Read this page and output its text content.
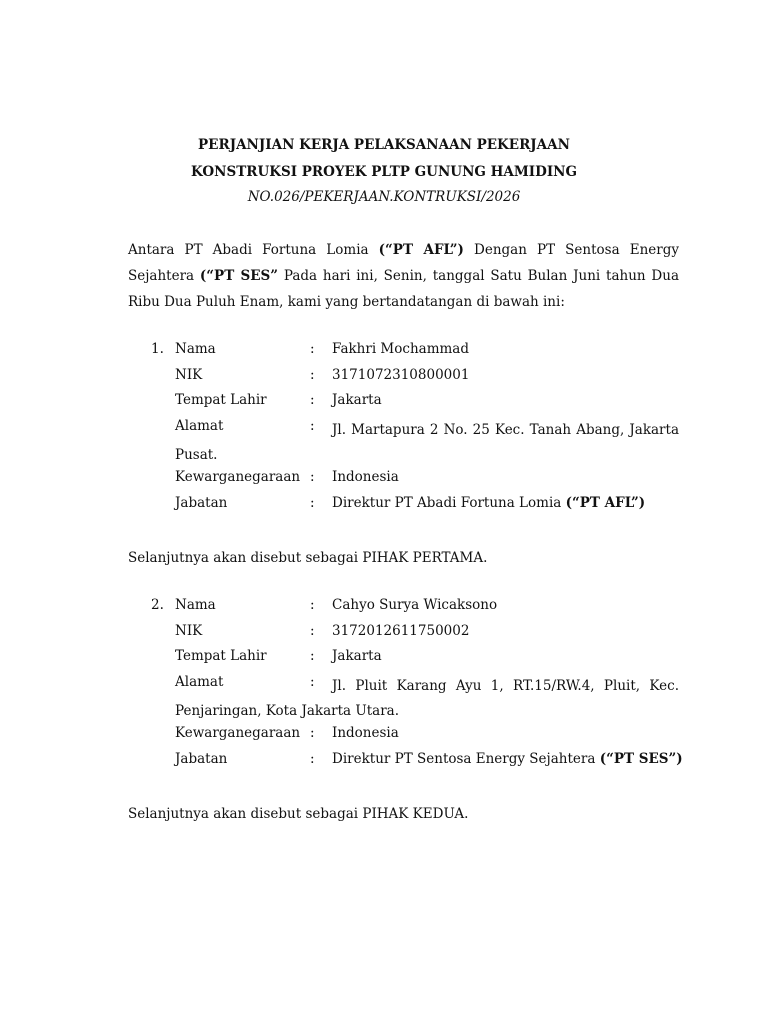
PERJANJIAN KERJA PELAKSANAAN PEKERJAAN
KONSTRUKSI PROYEK PLTP GUNUNG HAMIDING
NO.026/PEKERJAAN.KONTRUKSI/2026

Antara PT Abadi Fortuna Lomia (“PT AFL”) Dengan PT Sentosa Energy Sejahtera (“PT SES” Pada hari ini, Senin, tanggal Satu Bulan Juni tahun Dua Ribu Dua Puluh Enam, kami yang bertandatangan di bawah ini:

1. Nama	: Fakhri Mochammad
NIK	: 3171072310800001
Tempat Lahir	: Jakarta
Alamat	:	Jl. Martapura 2 No. 25 Kec. Tanah Abang, Jakarta Pusat.
Kewarganegaraan : Indonesia
Jabatan	: Direktur PT Abadi Fortuna Lomia (“PT AFL”)

Selanjutnya akan disebut sebagai PIHAK PERTAMA.

2. Nama	: Cahyo Surya Wicaksono
NIK	: 3172012611750002
Tempat Lahir	: Jakarta
Alamat	:	Jl. Pluit Karang Ayu 1, RT.15/RW.4, Pluit, Kec. Penjaringan, Kota Jakarta Utara.
Kewarganegaraan : Indonesia
Jabatan	: Direktur PT Sentosa Energy Sejahtera (“PT SES”)

Selanjutnya akan disebut sebagai PIHAK KEDUA.
